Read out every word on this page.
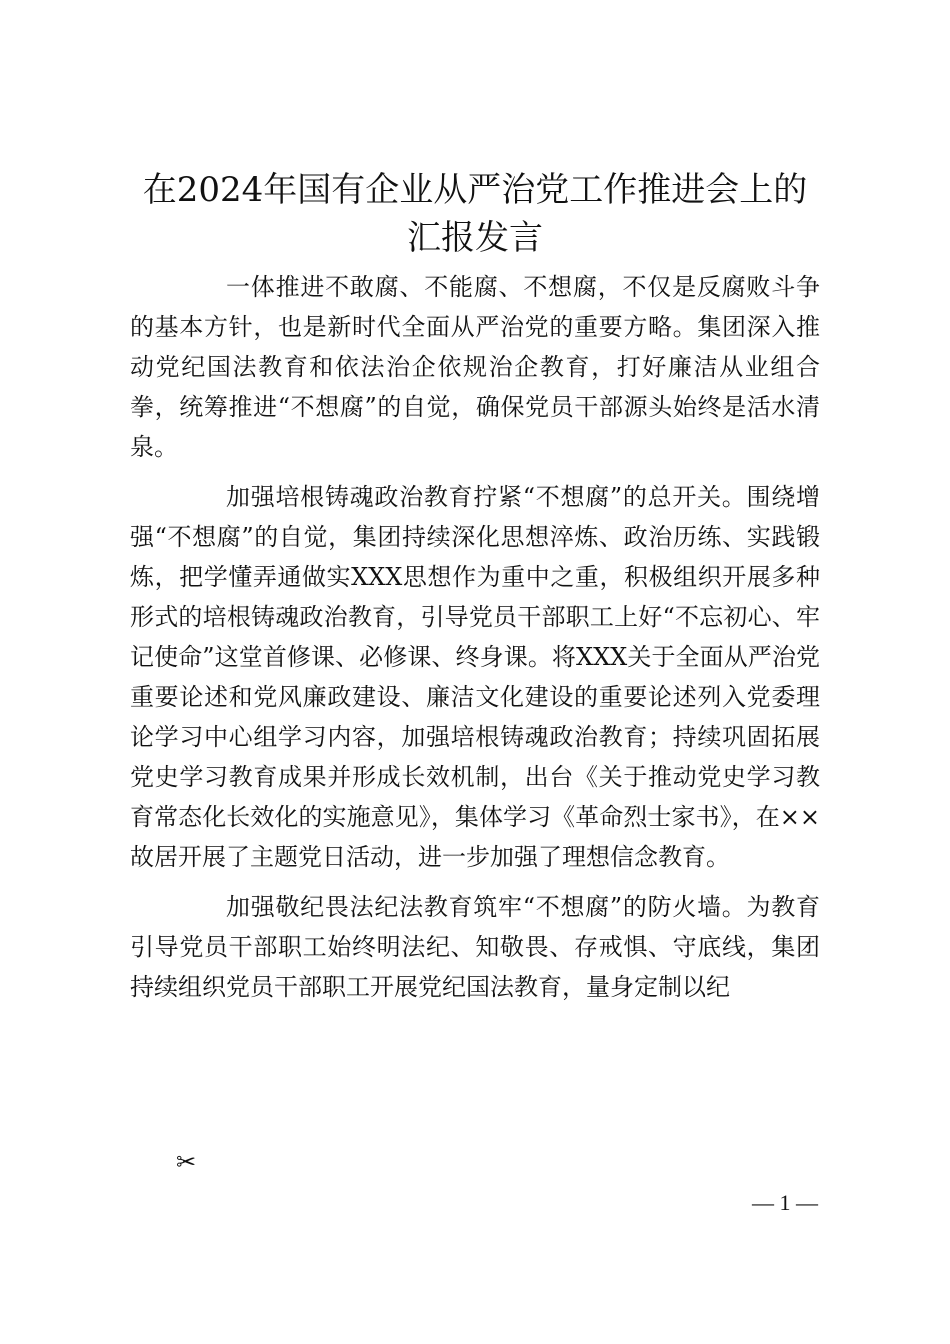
在2024年国有企业从严治党工作推进会上的
汇报发言

一体推进不敢腐、不能腐、不想腐，不仅是反腐败斗争的基本方针，也是新时代全面从严治党的重要方略。集团深入推动党纪国法教育和依法治企依规治企教育，打好廉洁从业组合拳，统筹推进“不想腐”的自觉，确保党员干部源头始终是活水清泉。

加强培根铸魂政治教育拧紧“不想腐”的总开关。围绕增强“不想腐”的自觉，集团持续深化思想淬炼、政治历练、实践锻炼，把学懂弄通做实XXX思想作为重中之重，积极组织开展多种形式的培根铸魂政治教育，引导党员干部职工上好“不忘初心、牢记使命”这堂首修课、必修课、终身课。将XXX关于全面从严治党重要论述和党风廉政建设、廉洁文化建设的重要论述列入党委理论学习中心组学习内容，加强培根铸魂政治教育；持续巩固拓展党史学习教育成果并形成长效机制，出台《关于推动党史学习教育常态化长效化的实施意见》，集体学习《革命烈士家书》，在××故居开展了主题党日活动，进一步加强了理想信念教育。

加强敬纪畏法纪法教育筑牢“不想腐”的防火墙。为教育引导党员干部职工始终明法纪、知敬畏、存戒惧、守底线，集团持续组织党员干部职工开展党纪国法教育，量身定制以纪

✂
— 1 —
